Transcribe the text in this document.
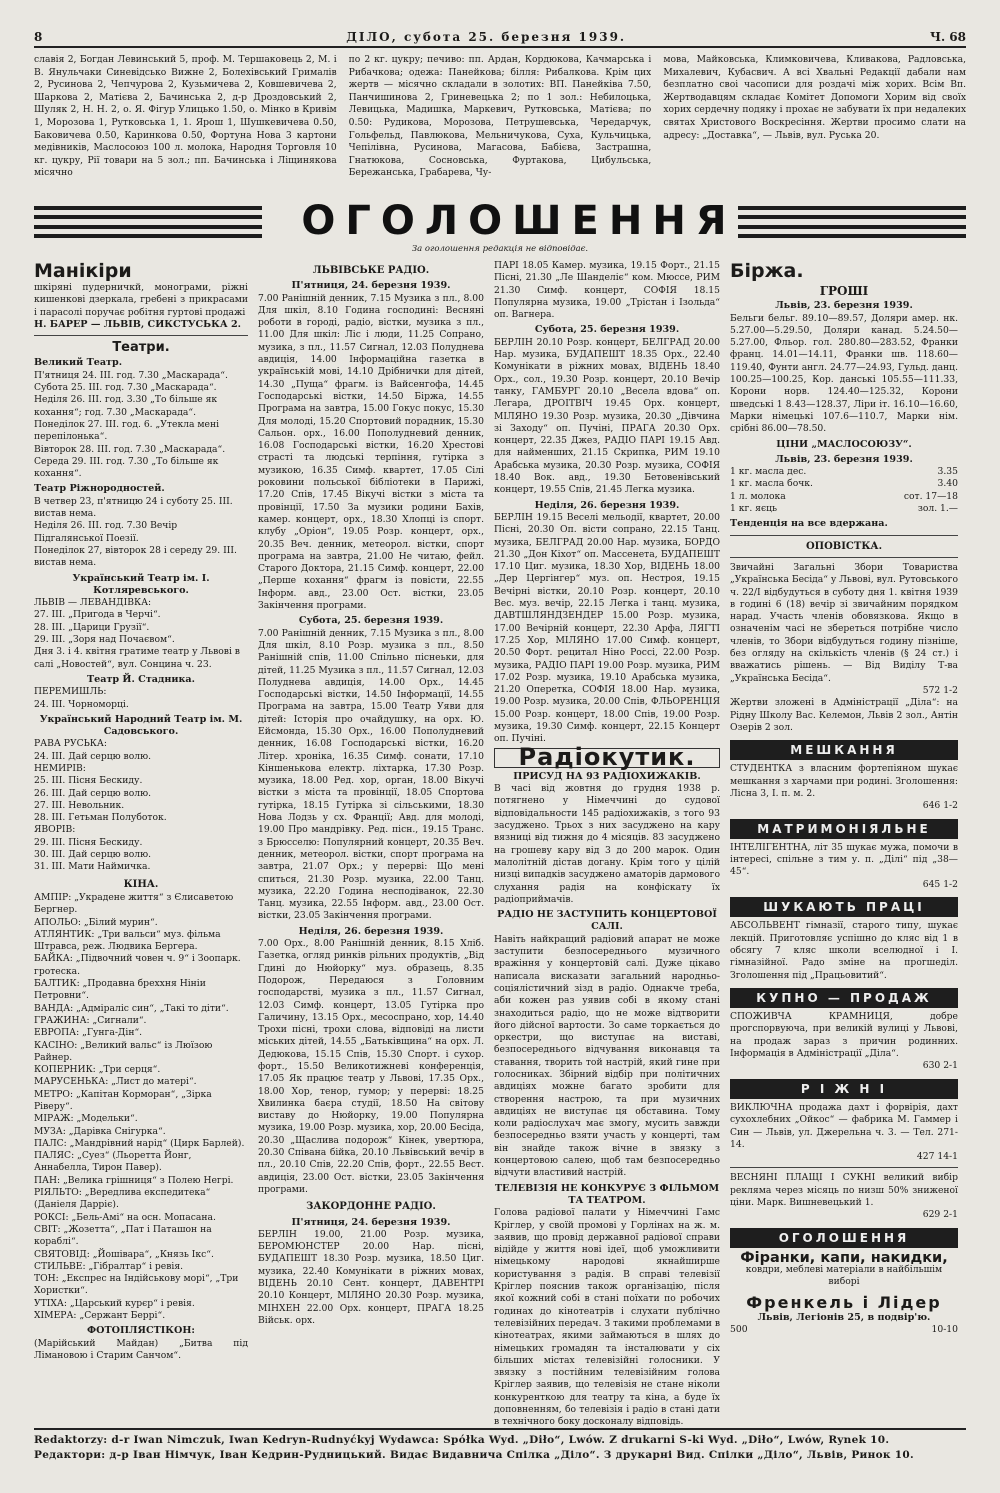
8	ДІЛО, субота 25. березня 1939.	Ч. 68

славія 2, Богдан Левинський 5, проф. М. Тершаковець 2, М. і В. Янульчаки Синевідсько Вижне 2, Болехівський Грималів 2, Русинова 2, Чепчурова 2, Кузьмичева 2, Ковшевичева 2, Шаркова 2, Матієва 2, Бачинська 2, д-р Дроздовський 2, Шуляк 2, Н. Н. 2, о. Я. Фігур Улицько 1.50, о. Мінко в Кривім 1, Морозова 1, Рутковська 1, 1. Ярош 1, Шушкевичева 0.50, Баковичева 0.50, Каринкова 0.50, Фортуна Нова 3 картони медівників, Маслосоюз 100 л. молока, Народня Торговля 10 кг. цукру, Рії товари на 5 зол.; пп. Бачинська і Ліщинякова місячно

по 2 кг. цукру; печиво: пп. Ардан, Кордюкова, Качмарська і Рибачкова; одежа: Панейкова; білля: Рибалкова. Крім цих жертв — місячно складали в золотих: ВП. Панейківа 7.50, Панчишинова 2, Гриневецька 2; по 1 зол.: Небилоцька, Левицька, Мадишка, Маркевич, Рутковська, Матієва; по 0.50: Рудикова, Морозова, Петрушевська, Чередарчук, Гольфельд, Павлюкова, Мельничукова, Суха, Кульчицька, Чепілівна, Русинова, Магасова, Бабієва, Застрашна, Гнатюкова, Сосновська, Фуртакова, Цибульська, Бережанська, Грабарева, Чу-

мова, Майковська, Климковичева, Кливакова, Радловська, Михалевич, Кубасвич. А всі Хвальні Редакції дабали нам безплатно своі часописи для роздачі між хорих. Всім Вп. Жертводавцям складає Комітет Допомоги Хорим від своїх хорих сердечну подяку і прохає не забувати їх при недалеких святах Христового Воскресіння. Жертви просимо слати на адресу: „Доставка“, — Львів, вул. Руська 20.

ОГОЛОШЕННЯ
За оголошення редакція не відповідає.
Манікіри

шкіряні пудерничкй, монограми, ріжні кишенкові дзеркала, гребені з прикрасами і парасолі поручає робітня гуртові продажі

Н. БАРЕР — ЛЬВІВ, СИКСТУСЬКА 2.

Театри.
Великий Театр.
П'ятниця 24. ІІІ. год. 7.30 „Маскарада“.
Субота 25. ІІІ. год. 7.30 „Маскарада“.
Неділя 26. ІІІ. год. 3.30 „То більше як кохання“; год. 7.30 „Маскарада“.
Понеділок 27. ІІІ. год. 6. „Утекла мені перепілонька“.
Вівторок 28. ІІІ. год. 7.30 „Маскарада“.
Середа 29. ІІІ. год. 7.30 „То більше як кохання“.
Театр Ріжнородностей.
В четвер 23, п'ятницю 24 і суботу 25. ІІІ. вистав нема.
Неділя 26. ІІІ. год. 7.30 Вечір Підгалянської Поезії.
Понеділок 27, вівторок 28 і середу 29. ІІІ. вистав нема.
Український Театр ім. І. Котляревського.
ЛЬВІВ — ЛЕВАНДІВКА:
27. ІІІ. „Пригода в Черчі“.
28. ІІІ. „Царици Грузії“.
29. ІІІ. „Зоря над Почаєвом“.
Дня 3. і 4. квітня гратиме театр у Львові в салі „Новостей“, вул. Сонцина ч. 23.
Театр Й. Стадника.
ПЕРЕМИШЛЬ:
24. ІІІ. Чорноморці.
Український Народний Театр ім. М. Садовського.
РАВА РУСЬКА:
24. ІІІ. Дай серцю волю.
НЕМИРІВ:
25. ІІІ. Пісня Бескиду.
26. ІІІ. Дай серцю волю.
27. ІІІ. Невольник.
28. ІІІ. Гетьман Полуботок.
ЯВОРІВ:
29. ІІІ. Пісня Бескиду.
30. ІІІ. Дай серцю волю.
31. ІІІ. Мати Наймичка.
КІНА.
АМПІР: „Украдене життя“ з Єлисаветою Бергнер.
АПОЛЬО: „Білий мурин“.
АТЛЯНТИК: „Три вальси“ муз. фільма Штравса, реж. Людвика Бергера.
БАЙКА: „Підвочний човен ч. 9“ і Зоопарк. гротеска.
БАЛТИК: „Продавна бреххня Нініи Петровни“.
ВАНДА: „Адміраліс син“, „Такі то діти“.
ГРАЖИНА: „Сигнали“.
ЕВРОПА: „Гунга-Дін“.
КАСІНО: „Великий вальс“ із Люїзою Райнер.
КОПЕРНИК: „Три серця“.
МАРУСЕНЬКА: „Лист до матері“.
МЕТРО: „Капітан Корморан“, „Зірка Ріверу“.
МІРАЖ: „Модельки“.
МУЗА: „Дарівка Снігурка“.
ПАЛС: „Мандрівний нарід“ (Цирк Барлей).
ПАЛЯС: „Суез“ (Льоретта Йонг, Аннабелла, Тирон Павер).
ПАН: „Велика грішниця“ з Полею Негрі.
РІЯЛЬТО: „Вередлива експедитекa“ (Даніеля Дарріє).
РОКСІ: „Бель-Амі“ на осн. Мопасана.
СВІТ: „Жозетта“, „Пат і Паташон на кораблі“.
СВЯТОВІД: „Йошівара“, „Князь Ікс“.
СТИЛЬВЕ: „Гібралтар“ і ревія.
ТОН: „Експрес на Індійськову морі“, „Три Хористки“.
УТІХА: „Царський курєр“ і ревія.
ХІМЕРА: „Сержант Беррі“.
ФОТОПЛЯСТІКОН:

(Марійський Майдан) „Битва під Лімановою і Старим Санчом“.

ЛЬВІВСЬКЕ РАДІО.
П'ятниця, 24. березня 1939.

7.00 Ранішній денник, 7.15 Музика з пл., 8.00 Для шкіл, 8.10 Година господині: Весняні роботи в городі, радіо, вістки, музика з пл., 11.00 Для шкіл: Ліс і люди, 11.25 Сопрано, музика, з пл., 11.57 Сигнал, 12.03 Полуднева авдиція, 14.00 Інформаційна газетка в українській мові, 14.10 Дрібнички для дітей, 14.30 „Пуща“ фрагм. із Вайсенгофа, 14.45 Господарські вістки, 14.50 Біржа, 14.55 Програма на завтра, 15.00 Гокус покус, 15.30 Для молоді, 15.20 Спортовий порадник, 15.30 Сальон. орх., 16.00 Пополудневий денник, 16.08 Господарські вістки, 16.20 Хрестові страсті та людські терпіння, гутірка з музикою, 16.35 Симф. квартет, 17.05 Сілі роковини польської бібліотеки в Парижі, 17.20 Спів, 17.45 Вікучі вістки з міста та провінції, 17.50 За музики родини Бахів, камер. концерт, орх., 18.30 Хлопці із спорт. клубу „Оріон“, 19.05 Розр. концерт, орх., 20.35 Веч. денник, метеорол. вістки, спорт програма на завтра, 21.00 Не читаю, фейл. Старого Доктора, 21.15 Симф. концерт, 22.00 „Перше кохання“ фрагм із повісти, 22.55 Інформ. авд., 23.00 Ост. вістки, 23.05 Закінчення програми.

Субота, 25. березня 1939.

7.00 Ранішній денник, 7.15 Музика з пл., 8.00 Для шкіл, 8.10 Розр. музика з пл., 8.50 Ранішній спів, 11.00 Спільно піснеьки, для дітей, 11.25 Музика з пл., 11.57 Сигнал, 12.03 Полуднева авдиція, 14.00 Орх., 14.45 Господарські вістки, 14.50 Інформації, 14.55 Програма на завтра, 15.00 Театр Уяви для дітей: Історія про очайдушку, на орх. Ю. Ейсмонда, 15.30 Орх., 16.00 Пополудневий денник, 16.08 Господарські вістки, 16.20 Літер. хроніка, 16.35 Симф. сонати, 17.10 Кіншенькова електр. ліхтарка, 17.30 Розр. музика, 18.00 Ред. хор, орган, 18.00 Вікучі вістки з міста та провінції, 18.05 Спортова гутірка, 18.15 Гутірка зі сільськими, 18.30 Нова Лодзь у сх. Франції; Авд. для молоді, 19.00 Про мандрівку. Ред. пісн., 19.15 Транс. з Брюсселю: Популярний концерт, 20.35 Веч. денник, метеорол. вістки, спорт програма на завтра, 21.07 Орх.; у перерві: Що мені спиться, 21.30 Розр. музика, 22.00 Танц. музика, 22.20 Година несподіванок, 22.30 Танц. музика, 22.55 Інформ. авд., 23.00 Ост. вістки, 23.05 Закінчення програми.

Неділя, 26. березня 1939.

7.00 Орх., 8.00 Ранішній денник, 8.15 Хліб. Газетка, огляд ринків рільних продуктів, „Від Гдині до Нюйорку“ муз. образець, 8.35 Подорож, Передаюся з Головним господарстві, музика з пл., 11.57 Сигнал, 12.03 Симф. концерт, 13.05 Гутірка про Галичину, 13.15 Орх., месоспрано, хор, 14.40 Трохи пісні, трохи слова, відповіді на листи міських дітей, 14.55 „Батьківщина“ на орх. Л. Дедюкова, 15.15 Спів, 15.30 Спорт. і сухор. форт., 15.50 Великотижневі конференція, 17.05 Як працює театр у Львові, 17.35 Орх., 18.00 Хор, тенор, гумор; у перерві: 18.25 Хвилинка баєра студії, 18.50 На світову виставу до Нюйорку, 19.00 Популярна музика, 19.00 Розр. музика, хор, 20.00 Бесіда, 20.30 „Щаслива подорож“ Кінек, увертюра, 20.30 Співана бійка, 20.10 Львівський вечір в пл., 20.10 Спів, 22.20 Спів, форт., 22.55 Вест. авдиція, 23.00 Ост. вістки, 23.05 Закінчення програми.

ЗАКОРДОННЕ РАДІО.
П'ятниця, 24. березня 1939.

БЕРЛІН 19.00, 21.00 Розр. музика, БЕРОМЮНСТЕР 20.00 Нар. пісні, БУДАПЕШТ 18.30 Розр. музика, 18.50 Циг. музика, 22.40 Комунікати в ріжних мовах, ВІДЕНЬ 20.10 Сент. концерт, ДАВЕНТРІ 20.10 Концерт, МІЛЯНО 20.30 Розр. музика, МІНХЕН 22.00 Орх. концерт, ПРАГА 18.25 Військ. орх.

ПАРІ 18.05 Камер. музика, 19.15 Форт., 21.15 Пісні, 21.30 „Ле Шанделіє“ ком. Мюссе, РИМ 21.30 Симф. концерт, СОФІЯ 18.15 Популярна музика, 19.00 „Трістан і Ізольда“ оп. Вагнера.

Субота, 25. березня 1939.

БЕРЛІН 20.10 Розр. концерт, БЕЛГРАД 20.00 Нар. музика, БУДАПЕШТ 18.35 Орх., 22.40 Комунікати в ріжних мовах, ВІДЕНЬ 18.40 Орх., сол., 19.30 Розр. концерт, 20.10 Вечір танку, ГАМБУРГ 20.10 „Весела вдова“ оп. Легара, ДРОІТВІЧ 19.45 Орх. концерт, МІЛЯНО 19.30 Розр. музика, 20.30 „Дівчина зі Заходу“ оп. Пучіні, ПРАГА 20.30 Орх. концерт, 22.35 Джез, РАДІО ПАРІ 19.15 Авд. для найменших, 21.15 Скрипка, РИМ 19.10 Арабська музика, 20.30 Розр. музика, СОФІЯ 18.40 Вок. авд., 19.30 Бетовенівський концерт, 19.55 Спів, 21.45 Легка музика.

Неділя, 26. березня 1939.

БЕРЛІН 19.15 Веселі мельодії, квартет, 20.00 Пісні, 20.30 Оп. вісти сопрано, 22.15 Танц. музика, БЕЛГРАД 20.00 Нар. музика, БОРДО 21.30 „Дон Кіхот“ оп. Массенета, БУДАПЕШТ 17.10 Циг. музика, 18.30 Хор, ВІДЕНЬ 18.00 „Дер Цергінгер“ муз. оп. Нестроя, 19.15 Вечірні вістки, 20.10 Розр. концерт, 20.10 Вес. муз. вечір, 22.15 Легка і танц. музика, ДАВТШЛЯНДЗЕНДЕР 15.00 Розр. музика, 17.00 Вечірній концерт, 22.30 Арфа, ЛЯГТІ 17.25 Хор, МІЛЯНО 17.00 Симф. концерт, 20.50 Форт. рецитал Ніно Россі, 22.00 Розр. музика, РАДІО ПАРІ 19.00 Розр. музика, РИМ 17.02 Розр. музика, 19.10 Арабська музика, 21.20 Оперетка, СОФІЯ 18.00 Нар. музика, 19.00 Розр. музика, 20.00 Спів, ФЛЬОРЕНЦІЯ 15.00 Розр. концерт, 18.00 Спів, 19.00 Розр. музика, 19.30 Симф. концерт, 22.15 Концерт оп. Пучіні.

Радіокутик.
ПРИСУД НА 93 РАДІОХИЖАКІВ.

В часі від жовтня до грудня 1938 р. потягнено у Німеччині до судової відповідальности 145 радіохижаків, з того 93 засуджено. Трьох з них засуджено на кару вязниці від тижня до 4 місяців. 83 засуджено на грошеву кару від 3 до 200 марок. Один малолітній дістав догану. Крім того у цілій низці випадків засуджено аматорів дармового слухання радія на конфіскату їх радіоприймачів.

РАДІО НЕ ЗАСТУПИТЬ КОНЦЕРТОВОЇ САЛІ.

Навіть найкращий радіовий апарат не може заступити безпосереднього музичного вражіння у концертовій салі. Дуже цікаво написала висказати загальний народньо-соціялістичний зізд в радіо. Однакче треба, аби кожен раз уявив собі в якому стані знаходиться радіо, що не може відтворити його дійсної вартости. Зо саме торкається до оркестри, що виступає на виставі, безпосереднього відчування виконавця та ставання, творить той настрій, який гине при голосниках. Збірний відбір при політичних авдиціях можне багато зробити для створення настрою, та при музичних авдиціях не виступає ця обставина. Тому коли радіослухач має змогу, мусить завжди безпосередньо взяти участь у концерті, там він знайде також вічне в звязку з концертовою салею, щоб там безпосередньо відчути властивий настрій.

ТЕЛЕВІЗІЯ НЕ КОНКУРУЄ З ФІЛЬМОМ ТА ТЕАТРОМ.

Голова радіової палати у Німеччині Гамс Кріглер, у своїй промові у Горлінах на ж. м. заявив, що провід державної радіової справи відійде у життя нові ідеї, щоб уможливити німецькому народові якнайширше користування з радія. В справі телевізії Кріглер пояснив також організацію, після якої кожний собі в стані поїхати по робочих годинах до кінотеатрів і слухати публічно телевізійних передач. З такими проблемами в кінотеатрах, якими займаються в шлях до німецьких громадян та інсталювати у сіх більших містах телевізійні голосники. У звязку з постійним телевізійним голова Кріглер заявив, що телевізія не стане ніколи конкуренткою для театру та кіна, а буде їх доповненням, бо телевізія і радіо в стані дати в технічного боку досконалу відповідь.

Біржа.
ГРОШІ
Львів, 23. березня 1939.

Бельги бельг. 89.10—89.57, Доляри амер. нк. 5.27.00—5.29.50, Доляри канад. 5.24.50—5.27.00, Фльор. гол. 280.80—283.52, Франки франц. 14.01—14.11, Франки шв. 118.60—119.40, Фунти англ. 24.77—24.93, Гульд. данц. 100.25—100.25, Кор. данські 105.55—111.33, Корони норв. 124.40—125.32, Корони шведські 1 8.43—128.37, Ліри іт. 16.10—16.60, Марки німецькі 107.6—110.7, Марки нім. срібні 86.00—78.50.

ЦІНИ „МАСЛОСОЮЗУ“.
Львів, 23. березня 1939.
1 кг. масла дес.	3.35
1 кг. масла бочк.	3.40
1 л. молока	сот. 17—18
1 кг. яєць	зол. 1.—
Тенденція на все вдержана.
ОПОВІСТКА.

Звичайні Загальні Збори Товариства „Українська Бесіда“ у Львові, вул. Рутовського ч. 22/І відбудуться в суботу дня 1. квітня 1939 в годині 6 (18) вечір зі звичайним порядком нарад. Участь членів обовязкова. Якщо в означенім часі не збереться потрібне число членів, то Збори відбудуться годину пізніше, без огляду на скількість членів (§ 24 ст.) і вважатись рішень. — Від Виділу Т-ва „Українська Бесіда“.

572 1-2

Жертви зложені в Адміністрації „Діла“: на Рідну Школу Вас. Келемон, Львів 2 зол., Антін Озерів 2 зол.

МЕШКАННЯ

СТУДЕНТКА з власним фортепіяном шукає мешкання з харчами при родині. Зголошення: Лісна 3, І. п. м. 2.

646 1-2
МАТРИМОНІЯЛЬНЕ

ІНТЕЛІГЕНТНА, літ 35 шукає мужа, помочи в інтересі, спільне з тим у. п. „Ділі“ під „38—45“.

645 1-2
ШУКАЮТЬ ПРАЦІ

АБСОЛЬВЕНТ гімназії, старого типу, шукає лекцій. Приготовляє успішно до кляс від 1 в обсягу 7 кляс школи вселюдної і І. гімназійної. Радо зміне на прогшеділ. Зголошення під „Працьовитий“.

КУПНО — ПРОДАЖ

СПОЖИВЧА КРАМНИЦЯ, добре прогспорвуюча, при великій вулиці у Львові, на продаж зараз з причин родинних. Інформація в Адміністрації „Діла“.

630 2-1
Р І Ж Н І

ВИКЛЮЧНА продажа дахт і форвірія, дахт сухохлебних „Ойкос“ — фабрика М. Гаммер і Син — Львів, ул. Джерельна ч. 3. — Тел. 271-14.

427 14-1

ВЕСНЯНІ ПЛАЩІ І СУКНІ великий вибір рекляма через місяць по низш 50% зниженої ціни. Марк. Вишневецький 1.

629 2-1
ОГОЛОШЕННЯ
Фіранки, капи, накидки,
ковдри, меблеві матеріали в найбільшім виборі
Френкель і Лідер
Львів, Легіонів 25, в подвір'ю.
500	10-10
Redaktorzy: d-r Iwan Nimczuk, Iwan Kedryn-Rudnyćkyj Wydawca: Spółka Wyd. „Diło“, Lwów. Z drukarni S-ki Wyd. „Diło“, Lwów, Rynek 10.
Редактори: д-р Іван Німчук, Іван Кедрин-Рудницький. Видає Видавнича Спілка „Діло“. З друкарні Вид. Спілки „Діло“, Львів, Ринок 10.
